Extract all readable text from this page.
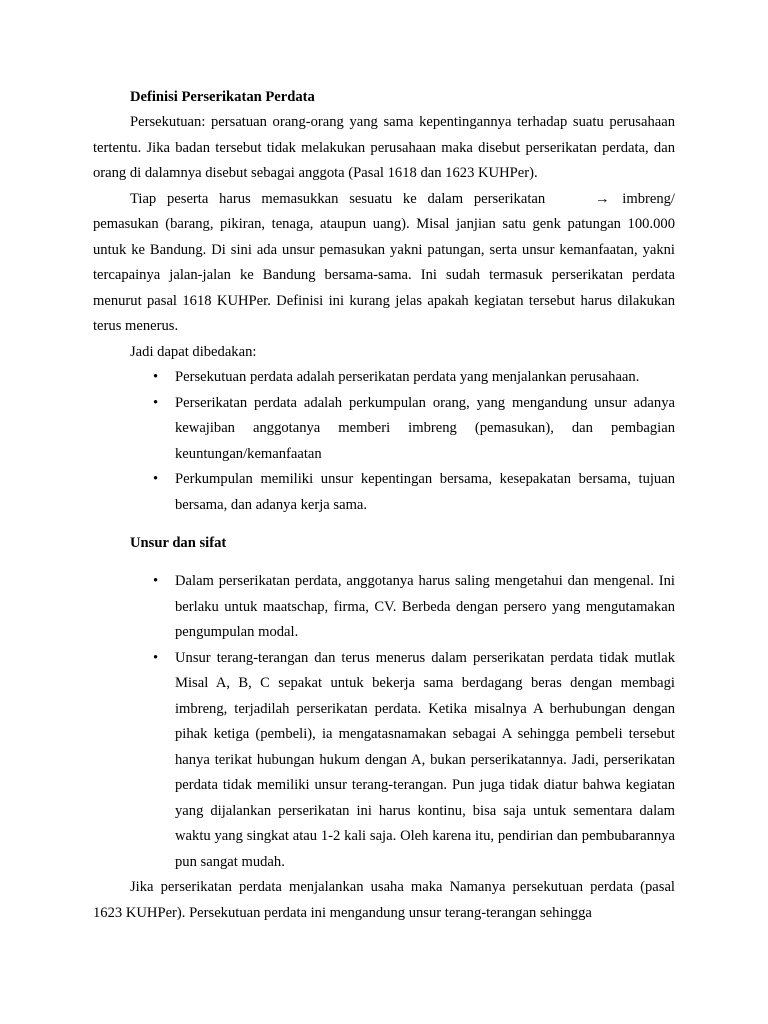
Definisi Perserikatan Perdata

Persekutuan: persatuan orang-orang yang sama kepentingannya terhadap suatu perusahaan tertentu. Jika badan tersebut tidak melakukan perusahaan maka disebut perserikatan perdata, dan orang di dalamnya disebut sebagai anggota (Pasal 1618 dan 1623 KUHPer).

Tiap peserta harus memasukkan sesuatu ke dalam perserikatan	→ imbreng/ pemasukan (barang, pikiran, tenaga, ataupun uang). Misal janjian satu genk patungan 100.000 untuk ke Bandung. Di sini ada unsur pemasukan yakni patungan, serta unsur kemanfaatan, yakni tercapainya jalan-jalan ke Bandung bersama-sama. Ini sudah termasuk perserikatan perdata menurut pasal 1618 KUHPer. Definisi ini kurang jelas apakah kegiatan tersebut harus dilakukan terus menerus.

Jadi dapat dibedakan:

• Persekutuan perdata adalah perserikatan perdata yang menjalankan perusahaan.
• Perserikatan perdata adalah perkumpulan orang, yang mengandung unsur adanya kewajiban anggotanya memberi imbreng (pemasukan), dan pembagian keuntungan/kemanfaatan
• Perkumpulan memiliki unsur kepentingan bersama, kesepakatan bersama, tujuan bersama, dan adanya kerja sama.
Unsur dan sifat
• Dalam perserikatan perdata, anggotanya harus saling mengetahui dan mengenal. Ini berlaku untuk maatschap, firma, CV. Berbeda dengan persero yang mengutamakan pengumpulan modal.
• Unsur terang-terangan dan terus menerus dalam perserikatan perdata tidak mutlak Misal A, B, C sepakat untuk bekerja sama berdagang beras dengan membagi imbreng, terjadilah perserikatan perdata. Ketika misalnya A berhubungan dengan pihak ketiga (pembeli), ia mengatasnamakan sebagai A sehingga pembeli tersebut hanya terikat hubungan hukum dengan A, bukan perserikatannya. Jadi, perserikatan perdata tidak memiliki unsur terang-terangan. Pun juga tidak diatur bahwa kegiatan yang dijalankan perserikatan ini harus kontinu, bisa saja untuk sementara dalam waktu yang singkat atau 1-2 kali saja. Oleh karena itu, pendirian dan pembubarannya pun sangat mudah.

Jika perserikatan perdata menjalankan usaha maka Namanya persekutuan perdata (pasal 1623 KUHPer). Persekutuan perdata ini mengandung unsur terang-terangan sehingga
